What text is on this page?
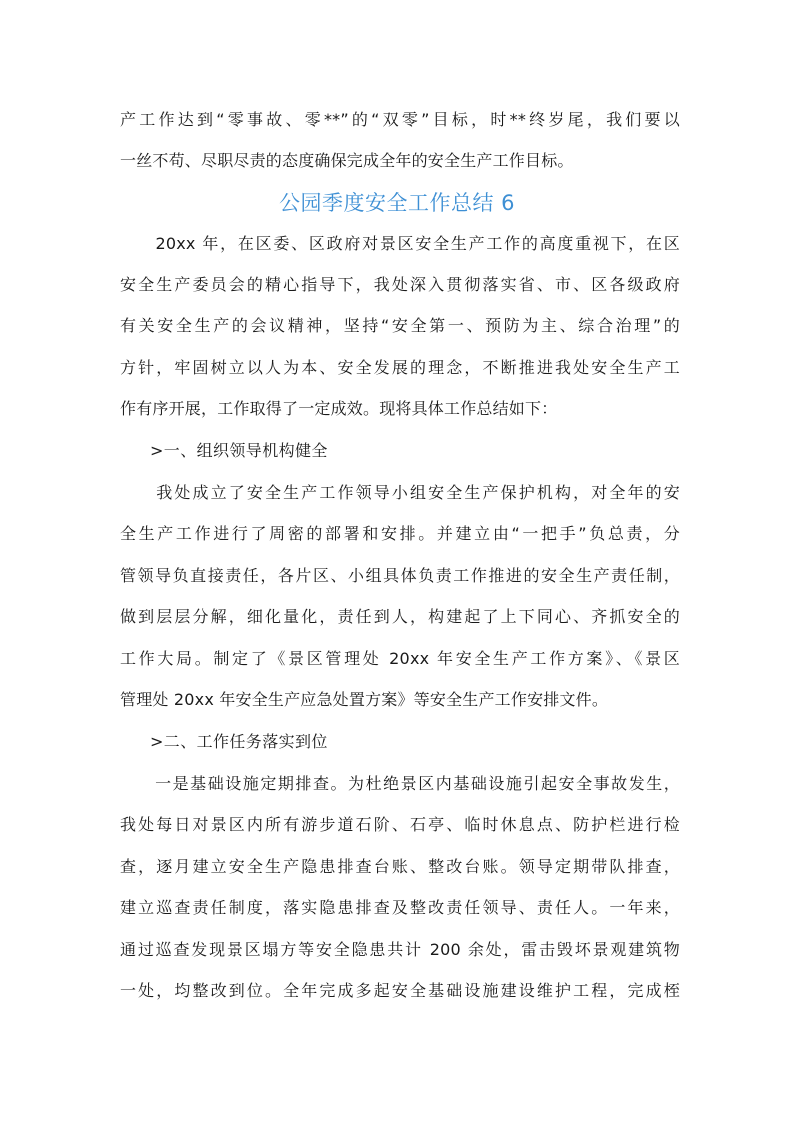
产工作达到“零事故、零**”的“双零”目标，时**终岁尾，我们要以
一丝不苟、尽职尽责的态度确保完成全年的安全生产工作目标。
公园季度安全工作总结 6
　　20xx 年，在区委、区政府对景区安全生产工作的高度重视下，在区
安全生产委员会的精心指导下，我处深入贯彻落实省、市、区各级政府
有关安全生产的会议精神，坚持“安全第一、预防为主、综合治理”的
方针，牢固树立以人为本、安全发展的理念，不断推进我处安全生产工
作有序开展，工作取得了一定成效。现将具体工作总结如下：
>一、组织领导机构健全
　　我处成立了安全生产工作领导小组安全生产保护机构，对全年的安
全生产工作进行了周密的部署和安排。并建立由“一把手”负总责，分
管领导负直接责任，各片区、小组具体负责工作推进的安全生产责任制，
做到层层分解，细化量化，责任到人，构建起了上下同心、齐抓安全的
工作大局。制定了《景区管理处 20xx 年安全生产工作方案》、《景区
管理处 20xx 年安全生产应急处置方案》等安全生产工作安排文件。
>二、工作任务落实到位
　　一是基础设施定期排查。为杜绝景区内基础设施引起安全事故发生，
我处每日对景区内所有游步道石阶、石亭、临时休息点、防护栏进行检
查，逐月建立安全生产隐患排查台账、整改台账。领导定期带队排查，
建立巡查责任制度，落实隐患排查及整改责任领导、责任人。一年来，
通过巡查发现景区塌方等安全隐患共计 200 余处，雷击毁坏景观建筑物
一处，均整改到位。全年完成多起安全基础设施建设维护工程，完成桎
